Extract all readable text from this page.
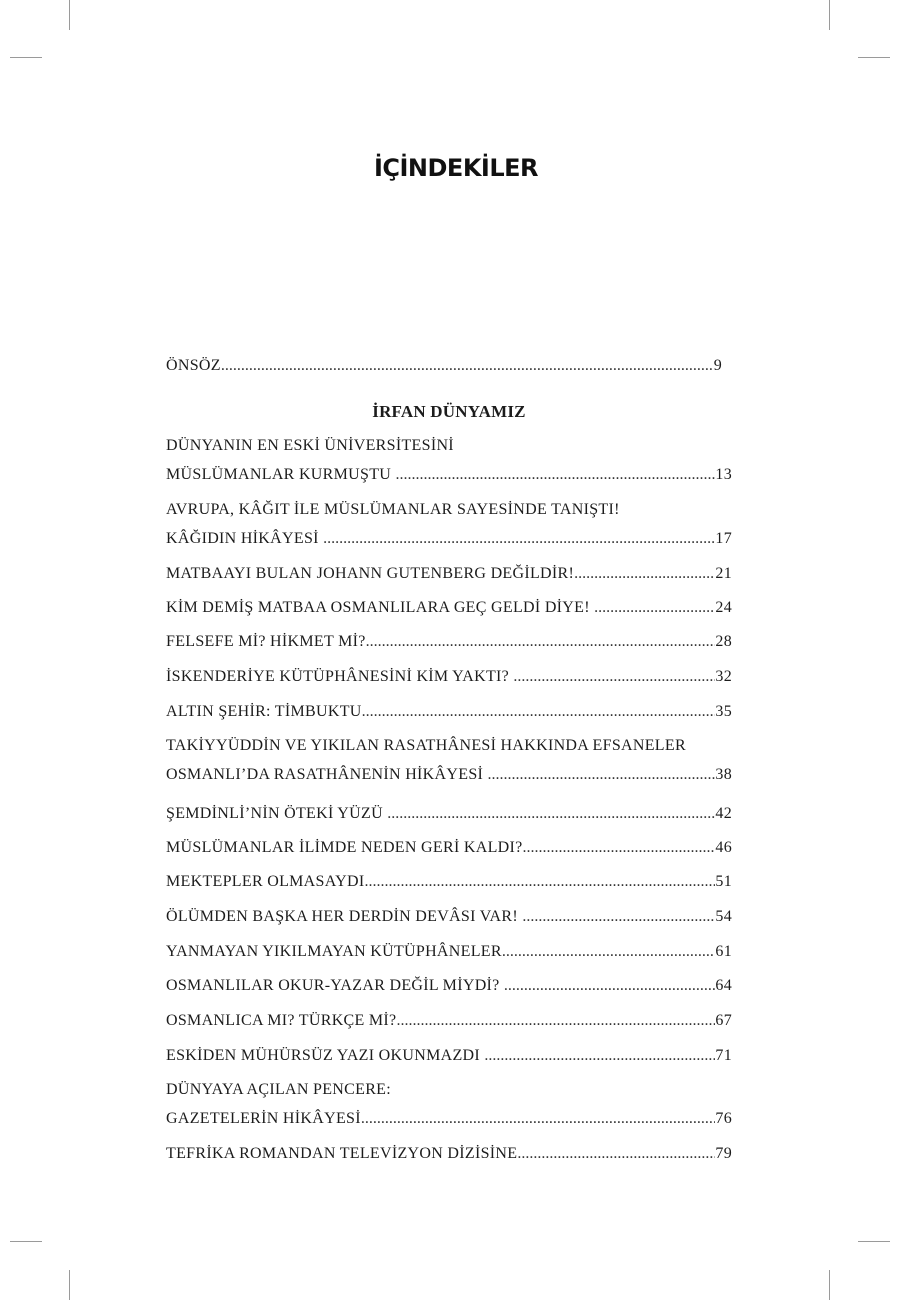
İÇİNDEKİLER
ÖNSÖZ .....	9
İRFAN DÜNYAMIZ
DÜNYANIN EN ESKİ ÜNİVERSİTESİNİ
MÜSLÜMANLAR KURMUŞTU .....	13
AVRUPA, KÂĞIT İLE MÜSLÜMANLAR SAYESİNDE TANIŞTI!
KÂĞIDIN HİKÂYESİ .....	17
MATBAAYI BULAN JOHANN GUTENBERG DEĞİLDİR! .....	21
KİM DEMİŞ MATBAA OSMANLILARA GEÇ GELDİ DİYE! .....	24
FELSEFE Mİ? HİKMET Mİ? .....	28
İSKENDERİYE KÜTÜPHÂNESİNİ KİM YAKTI? .....	32
ALTIN ŞEHİR: TİMBUKTU .....	35
TAKİYYÜDDİN VE YIKILAN RASATHÂNESİ HAKKINDA EFSANELER
OSMANLI’DA RASATHÂNENİN HİKÂYESİ .....	38
ŞEMDİNLİ’NİN ÖTEKİ YÜZÜ .....	42
MÜSLÜMANLAR İLİMDE NEDEN GERİ KALDI? .....	46
MEKTEPLER OLMASAYDI .....	51
ÖLÜMDEN BAŞKA HER DERDİN DEVÂSI VAR! .....	54
YANMAYAN YIKILMAYAN KÜTÜPHÂNELER .....	61
OSMANLILAR OKUR-YAZAR DEĞİL MİYDİ? .....	64
OSMANLICA MI? TÜRKÇE Mİ? .....	67
ESKİDEN MÜHÜRSÜZ YAZI OKUNMAZDI .....	71
DÜNYAYA AÇILAN PENCERE:
GAZETELERİN HİKÂYESİ .....	76
TEFRİKA ROMANDAN TELEVİZYON DİZİSİNE .....	79
